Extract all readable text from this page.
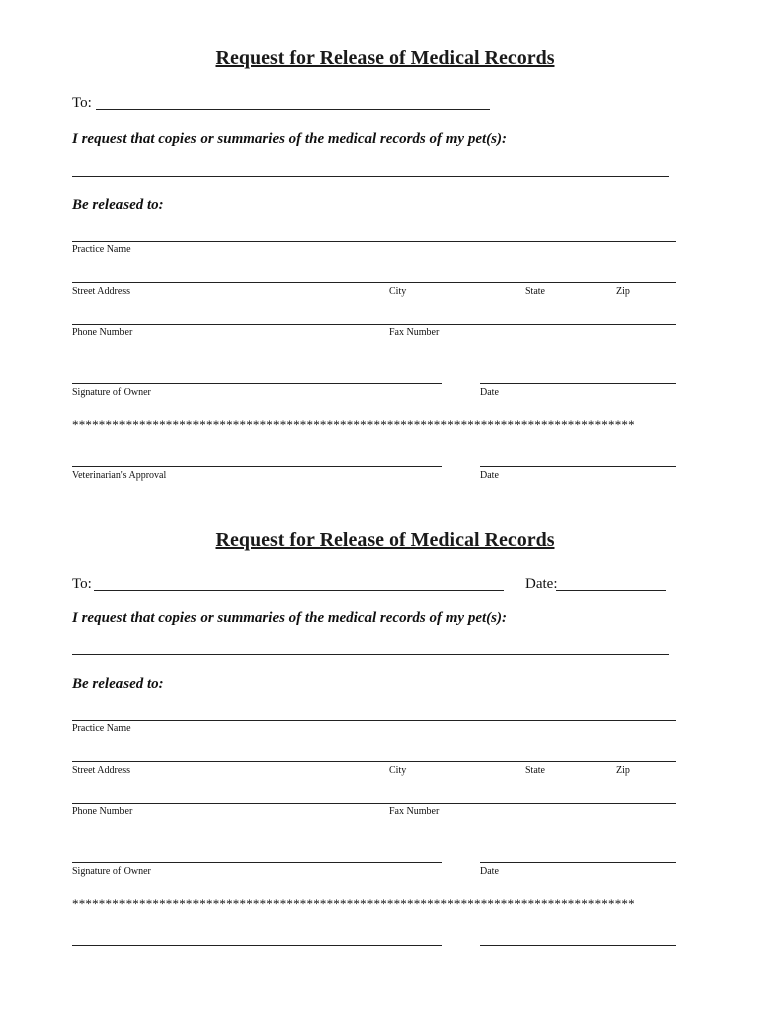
Request for Release of Medical Records
To:
I request that copies or summaries of the medical records of my pet(s):
Be released to:
Practice Name
Street Address	City	State	Zip
Phone Number	Fax Number
Signature of Owner	Date
************************************************************************************
Veterinarian's Approval	Date
Request for Release of Medical Records
To:	Date:
I request that copies or summaries of the medical records of my pet(s):
Be released to:
Practice Name
Street Address	City	State	Zip
Phone Number	Fax Number
Signature of Owner	Date
************************************************************************************
